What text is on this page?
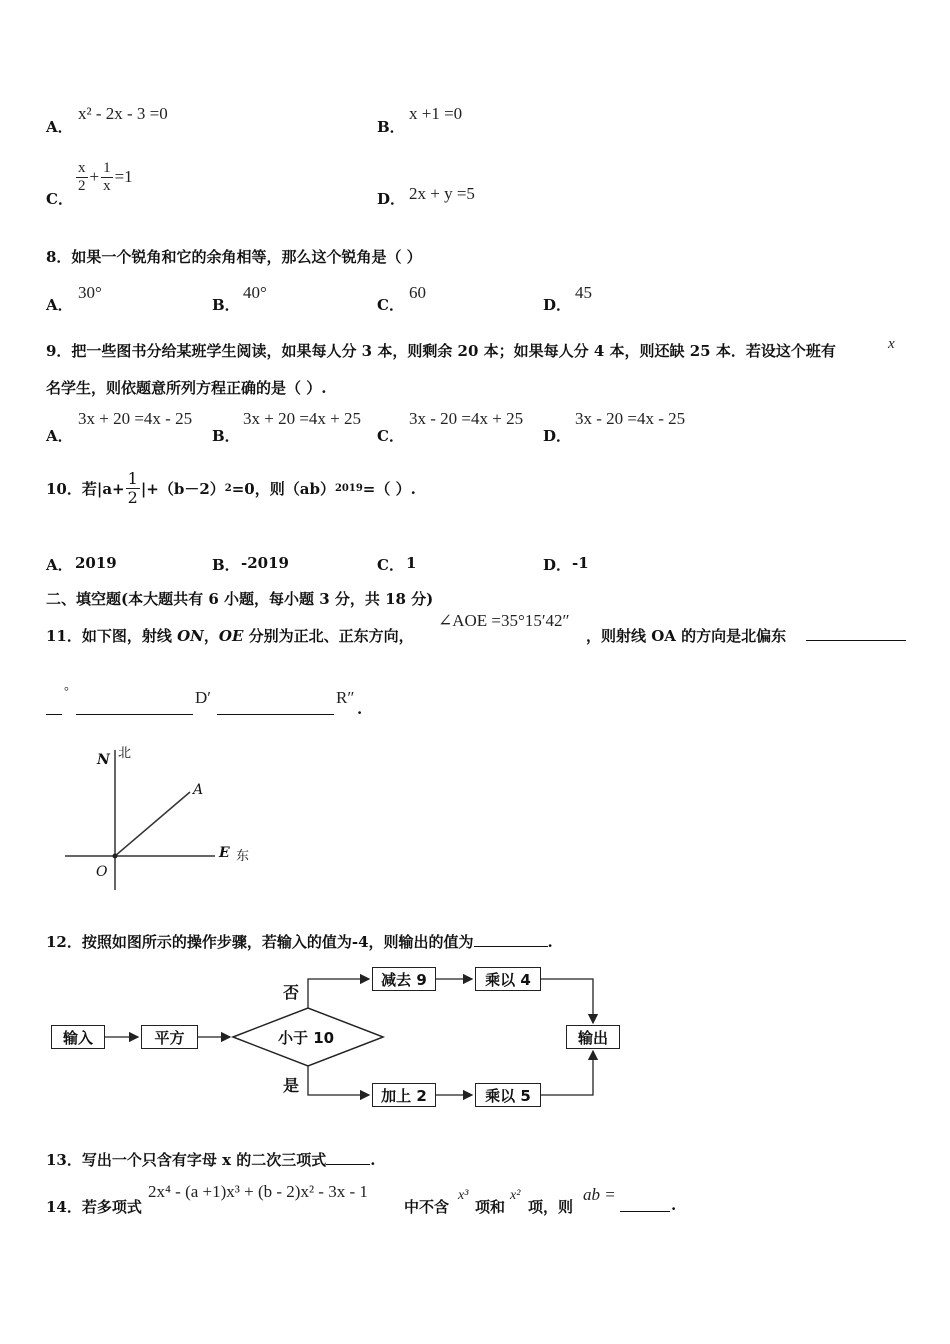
A．
x² - 2x - 3 =0
B．
x +1 =0
C．
$\frac{x}{2} + \frac{1}{x} =1$
D． 2x + y =5
8．如果一个锐角和它的余角相等，那么这个锐角是（ ）
A．
30°
B．
40°
C．
60
D．
45
9．把一些图书分给某班学生阅读，如果每人分 3 本，则剩余 20 本；如果每人分 4 本，则还缺 25 本．若设这个班有	x
名学生，则依题意所列方程正确的是（ ）.
A．
3x + 20 =4x - 25
B．
3x + 20 =4x + 25
C．
3x - 20 =4x + 25
D．
3x - 20 =4x - 25
10．若$|a+ \frac{1}{2} |+(b-2)$ 2 =0，则（ab） 2019 =（ ）.
A． 2019	B． -2019	C． 1	D． -1
二、填空题(本大题共有 6 小题，每小题 3 分，共 18 分)
11．如下图，射线 ON，OE 分别为正北、正东方向，
∠AOE =35°15′42″
，则射线 OA 的方向是北偏东
°	D′	R″
.
N 北
A
E 东
O
12．按照如图所示的操作步骤，若输入的值为-4，则输出的值为	.
输入	平方	小于 10
否
是
减去 9	乘以 4
加上 2	乘以 5
输出
13．写出一个只含有字母 x 的二次三项式	.
14．若多项式
2x⁴ - (a +1)x³ + (b - 2)x² - 3x - 1
中不含
x³
项和
x²
项，则
ab =
.
